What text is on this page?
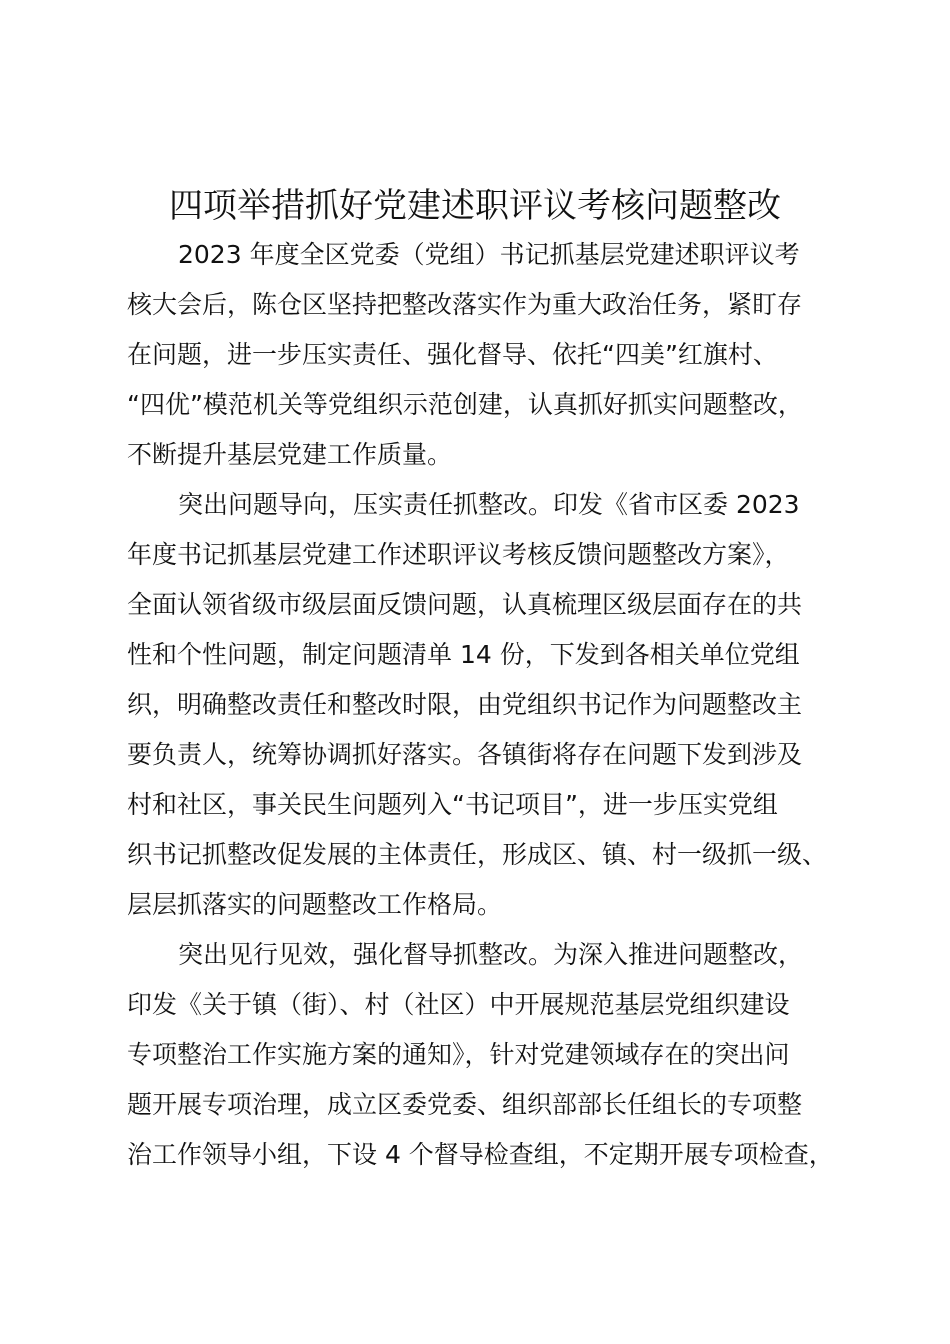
四项举措抓好党建述职评议考核问题整改

2023 年度全区党委（党组）书记抓基层党建述职评议考

核大会后，陈仓区坚持把整改落实作为重大政治任务，紧盯存

在问题，进一步压实责任、强化督导、依托“四美”红旗村、

“四优”模范机关等党组织示范创建，认真抓好抓实问题整改，

不断提升基层党建工作质量。

突出问题导向，压实责任抓整改。印发《省市区委 2023

年度书记抓基层党建工作述职评议考核反馈问题整改方案》，

全面认领省级市级层面反馈问题，认真梳理区级层面存在的共

性和个性问题，制定问题清单 14 份，下发到各相关单位党组

织，明确整改责任和整改时限，由党组织书记作为问题整改主

要负责人，统筹协调抓好落实。各镇街将存在问题下发到涉及

村和社区，事关民生问题列入“书记项目”，进一步压实党组

织书记抓整改促发展的主体责任，形成区、镇、村一级抓一级、

层层抓落实的问题整改工作格局。

突出见行见效，强化督导抓整改。为深入推进问题整改，

印发《关于镇（街）、村（社区）中开展规范基层党组织建设

专项整治工作实施方案的通知》，针对党建领域存在的突出问

题开展专项治理，成立区委党委、组织部部长任组长的专项整

治工作领导小组，下设 4 个督导检查组，不定期开展专项检查，
